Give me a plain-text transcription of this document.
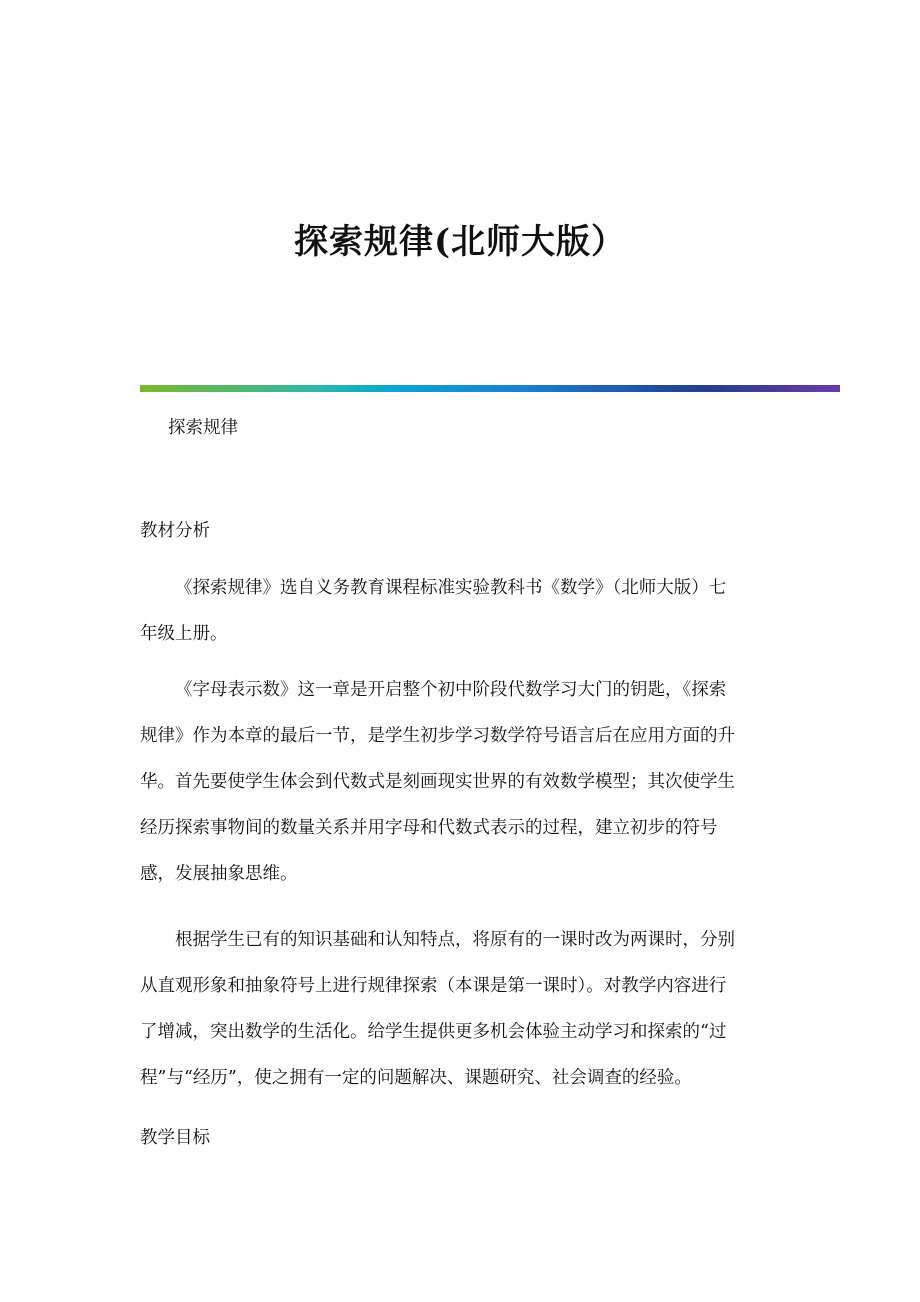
探索规律(北师大版）
探索规律
教材分析
《探索规律》选自义务教育课程标准实验教科书《数学》（北师大版）七
年级上册。
《字母表示数》这一章是开启整个初中阶段代数学习大门的钥匙，《探索
规律》作为本章的最后一节，是学生初步学习数学符号语言后在应用方面的升
华。首先要使学生体会到代数式是刻画现实世界的有效数学模型；其次使学生
经历探索事物间的数量关系并用字母和代数式表示的过程，建立初步的符号
感，发展抽象思维。
根据学生已有的知识基础和认知特点，将原有的一课时改为两课时，分别
从直观形象和抽象符号上进行规律探索（本课是第一课时）。对教学内容进行
了增减，突出数学的生活化。给学生提供更多机会体验主动学习和探索的“过
程”与“经历”，使之拥有一定的问题解决、课题研究、社会调查的经验。
教学目标
